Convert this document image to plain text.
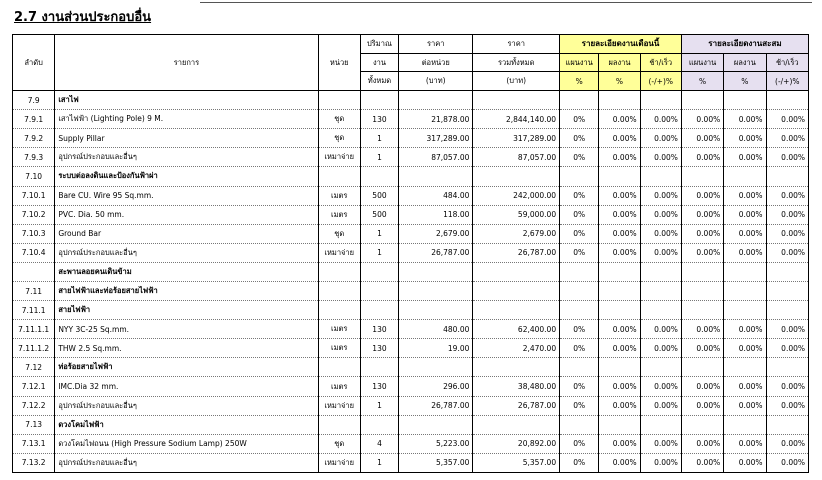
2.7 งานส่วนประกอบอื่น
ลำดับ	รายการ	หน่วย	ปริมาณ	ราคา	ราคา	รายละเอียดงานเดือนนี้			รายละเอียดงานสะสม		
			งาน	ต่อหน่วย	รวมทั้งหมด	แผนงาน	ผลงาน	ช้า/เร็ว	แผนงาน	ผลงาน	ช้า/เร็ว
			ทั้งหมด	(บาท)	(บาท)	%	%	(-/+)%	%	%	(-/+)%
7.9	เสาไฟ										
7.9.1	เสาไฟฟ้า (Lighting Pole) 9 M.	ชุด	130	21,878.00	2,844,140.00	0%	0.00%	0.00%	0.00%	0.00%	0.00%
7.9.2	Supply Pillar	ชุด	1	317,289.00	317,289.00	0%	0.00%	0.00%	0.00%	0.00%	0.00%
7.9.3	อุปกรณ์ประกอบและอื่นๆ	เหมาจ่าย	1	87,057.00	87,057.00	0%	0.00%	0.00%	0.00%	0.00%	0.00%
7.10	ระบบต่อลงดินและป้องกันฟ้าผ่า										
7.10.1	Bare CU. Wire 95 Sq.mm.	เมตร	500	484.00	242,000.00	0%	0.00%	0.00%	0.00%	0.00%	0.00%
7.10.2	PVC. Dia. 50 mm.	เมตร	500	118.00	59,000.00	0%	0.00%	0.00%	0.00%	0.00%	0.00%
7.10.3	Ground Bar	ชุด	1	2,679.00	2,679.00	0%	0.00%	0.00%	0.00%	0.00%	0.00%
7.10.4	อุปกรณ์ประกอบและอื่นๆ	เหมาจ่าย	1	26,787.00	26,787.00	0%	0.00%	0.00%	0.00%	0.00%	0.00%
	สะพานลอยคนเดินข้าม										
7.11	สายไฟฟ้าและท่อร้อยสายไฟฟ้า										
7.11.1	สายไฟฟ้า										
7.11.1.1	NYY 3C-25 Sq.mm.	เมตร	130	480.00	62,400.00	0%	0.00%	0.00%	0.00%	0.00%	0.00%
7.11.1.2	THW 2.5 Sq.mm.	เมตร	130	19.00	2,470.00	0%	0.00%	0.00%	0.00%	0.00%	0.00%
7.12	ท่อร้อยสายไฟฟ้า										
7.12.1	IMC.Dia 32 mm.	เมตร	130	296.00	38,480.00	0%	0.00%	0.00%	0.00%	0.00%	0.00%
7.12.2	อุปกรณ์ประกอบและอื่นๆ	เหมาจ่าย	1	26,787.00	26,787.00	0%	0.00%	0.00%	0.00%	0.00%	0.00%
7.13	ดวงโคมไฟฟ้า										
7.13.1	ดวงโคมไฟถนน (High Pressure Sodium Lamp) 250W	ชุด	4	5,223.00	20,892.00	0%	0.00%	0.00%	0.00%	0.00%	0.00%
7.13.2	อุปกรณ์ประกอบและอื่นๆ	เหมาจ่าย	1	5,357.00	5,357.00	0%	0.00%	0.00%	0.00%	0.00%	0.00%
